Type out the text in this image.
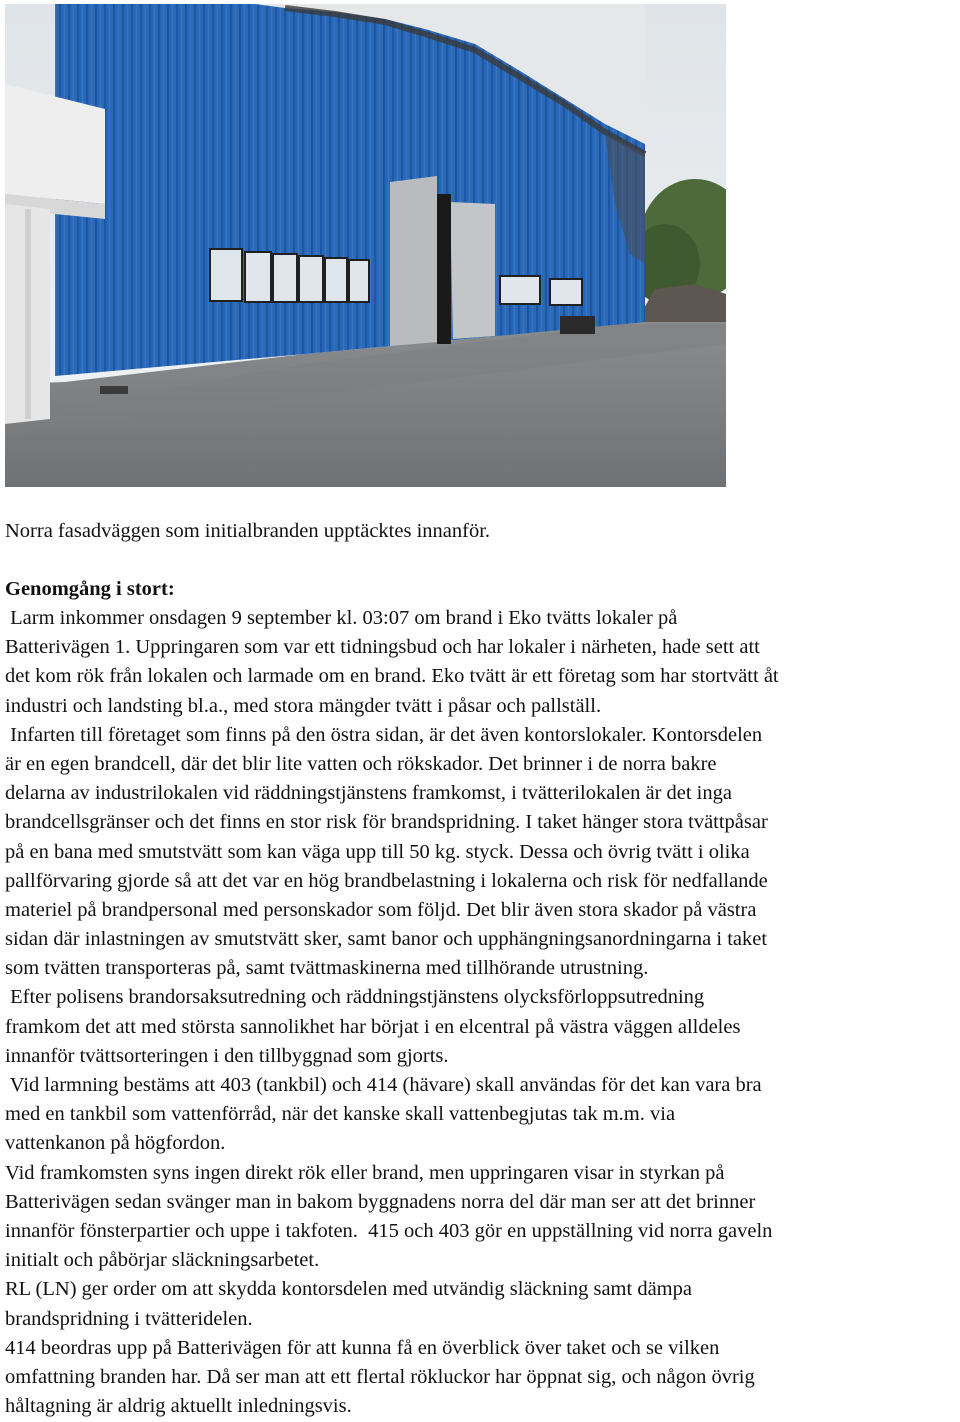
Norra fasadväggen som initialbranden upptäcktes innanför.
Genomgång i stort:
Larm inkommer onsdagen 9 september kl. 03:07 om brand i Eko tvätts lokaler på
Batterivägen 1. Uppringaren som var ett tidningsbud och har lokaler i närheten, hade sett att
det kom rök från lokalen och larmade om en brand. Eko tvätt är ett företag som har stortvätt åt
industri och landsting bl.a., med stora mängder tvätt i påsar och pallställ.
Infarten till företaget som finns på den östra sidan, är det även kontorslokaler. Kontorsdelen
är en egen brandcell, där det blir lite vatten och rökskador. Det brinner i de norra bakre
delarna av industrilokalen vid räddningstjänstens framkomst, i tvätterilokalen är det inga
brandcellsgränser och det finns en stor risk för brandspridning. I taket hänger stora tvättpåsar
på en bana med smutstvätt som kan väga upp till 50 kg. styck. Dessa och övrig tvätt i olika
pallförvaring gjorde så att det var en hög brandbelastning i lokalerna och risk för nedfallande
materiel på brandpersonal med personskador som följd. Det blir även stora skador på västra
sidan där inlastningen av smutstvätt sker, samt banor och upphängningsanordningarna i taket
som tvätten transporteras på, samt tvättmaskinerna med tillhörande utrustning.
Efter polisens brandorsaksutredning och räddningstjänstens olycksförloppsutredning
framkom det att med största sannolikhet har börjat i en elcentral på västra väggen alldeles
innanför tvättsorteringen i den tillbyggnad som gjorts.
Vid larmning bestäms att 403 (tankbil) och 414 (hävare) skall användas för det kan vara bra
med en tankbil som vattenförråd, när det kanske skall vattenbegjutas tak m.m. via
vattenkanon på högfordon.
Vid framkomsten syns ingen direkt rök eller brand, men uppringaren visar in styrkan på
Batterivägen sedan svänger man in bakom byggnadens norra del där man ser att det brinner
innanför fönsterpartier och uppe i takfoten.  415 och 403 gör en uppställning vid norra gaveln
initialt och påbörjar släckningsarbetet.
RL (LN) ger order om att skydda kontorsdelen med utvändig släckning samt dämpa
brandspridning i tvätteridelen.
414 beordras upp på Batterivägen för att kunna få en överblick över taket och se vilken
omfattning branden har. Då ser man att ett flertal rökluckor har öppnat sig, och någon övrig
håltagning är aldrig aktuellt inledningsvis.
